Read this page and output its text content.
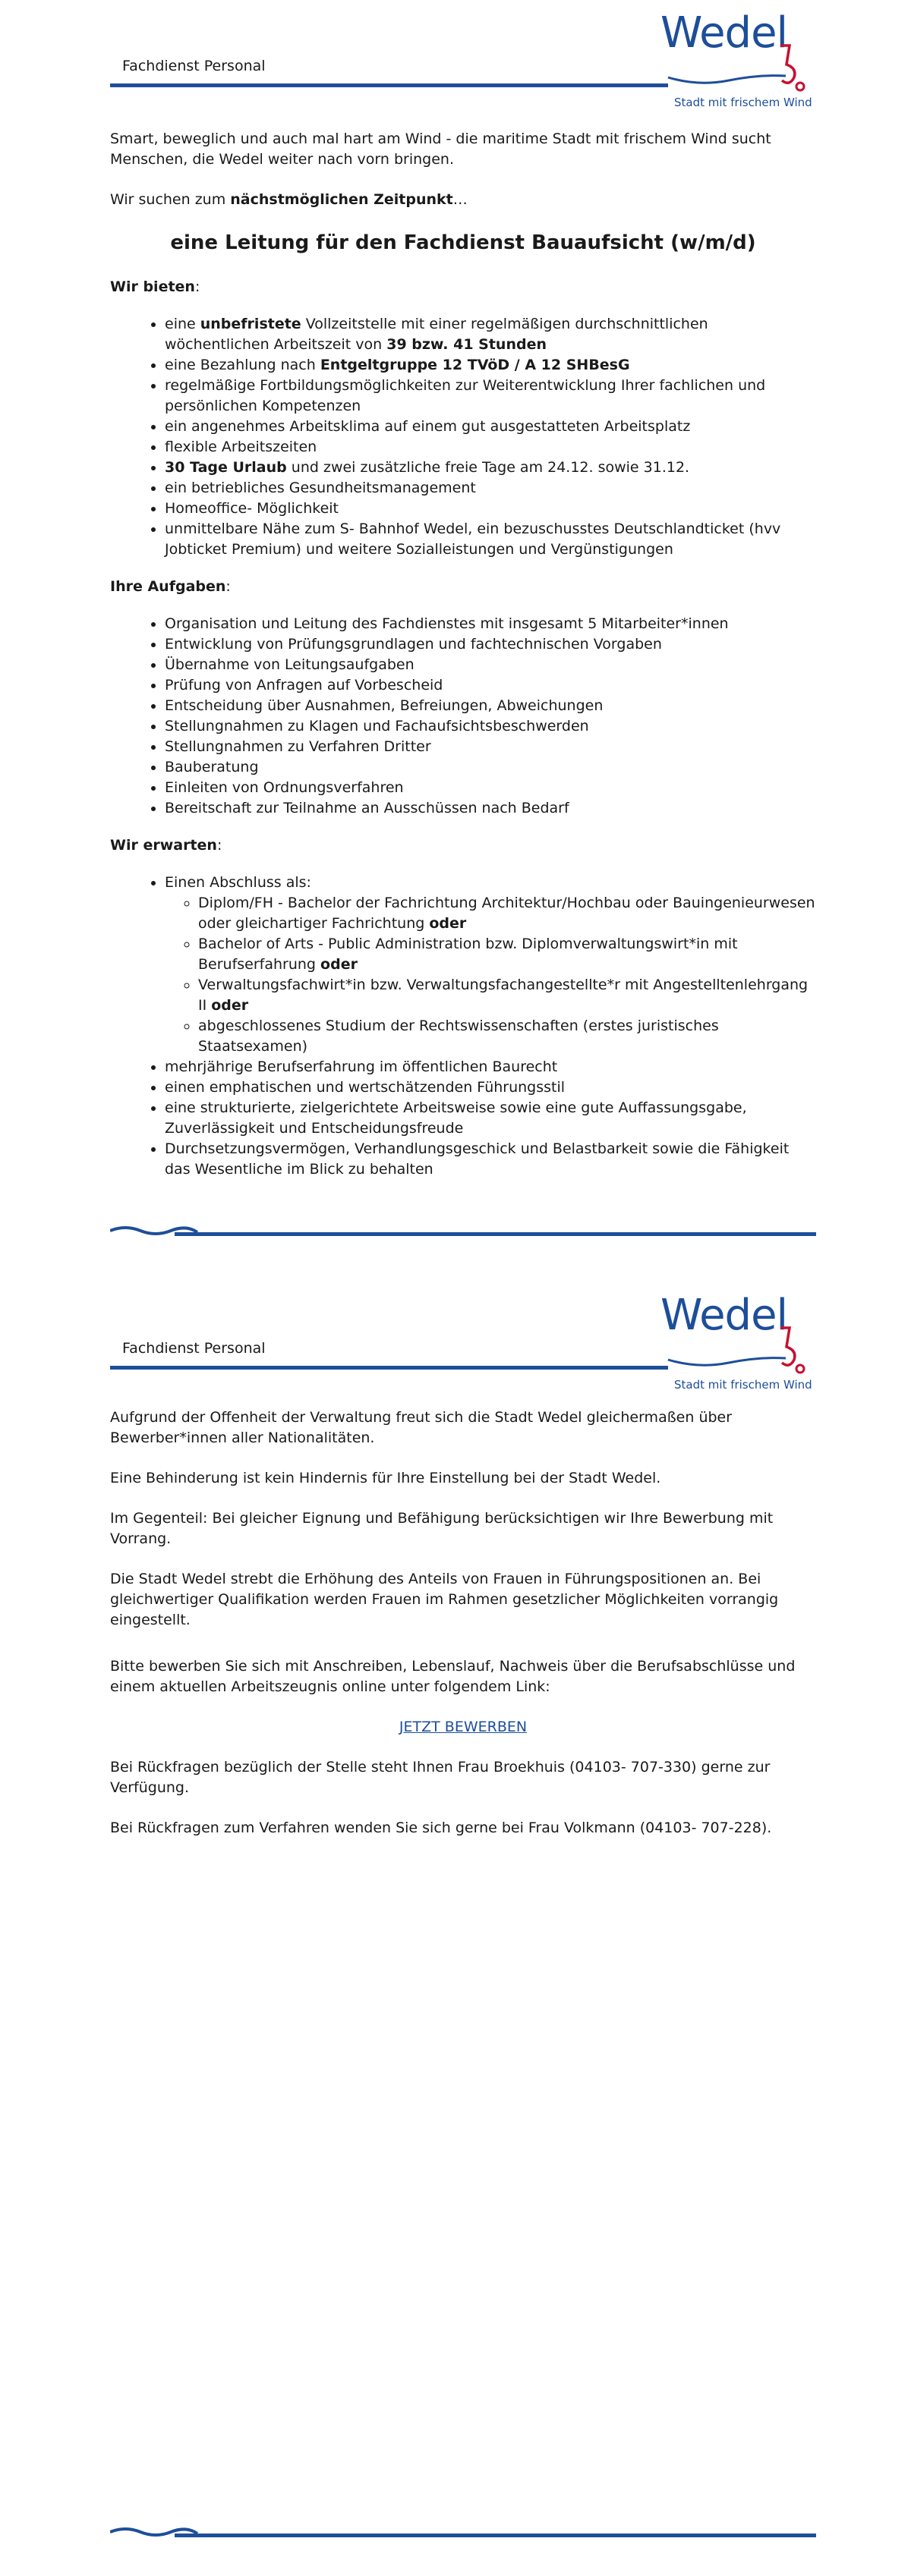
Fachdienst Personal
Wedel
Stadt mit frischem Wind

Smart, beweglich und auch mal hart am Wind - die maritime Stadt mit frischem Wind sucht Menschen, die Wedel weiter nach vorn bringen.

Wir suchen zum nächstmöglichen Zeitpunkt…

eine Leitung für den Fachdienst Bauaufsicht (w/m/d)
Wir bieten:
• eine unbefristete Vollzeitstelle mit einer regelmäßigen durchschnittlichen wöchentlichen Arbeitszeit von 39 bzw. 41 Stunden
• eine Bezahlung nach Entgeltgruppe 12 TVöD / A 12 SHBesG
• regelmäßige Fortbildungsmöglichkeiten zur Weiterentwicklung Ihrer fachlichen und persönlichen Kompetenzen
• ein angenehmes Arbeitsklima auf einem gut ausgestatteten Arbeitsplatz
• flexible Arbeitszeiten
• 30 Tage Urlaub und zwei zusätzliche freie Tage am 24.12. sowie 31.12.
• ein betriebliches Gesundheitsmanagement
• Homeoffice- Möglichkeit
• unmittelbare Nähe zum S- Bahnhof Wedel, ein bezuschusstes Deutschlandticket (hvv Jobticket Premium) und weitere Sozialleistungen und Vergünstigungen
Ihre Aufgaben:
• Organisation und Leitung des Fachdienstes mit insgesamt 5 Mitarbeiter*innen
• Entwicklung von Prüfungsgrundlagen und fachtechnischen Vorgaben
• Übernahme von Leitungsaufgaben
• Prüfung von Anfragen auf Vorbescheid
• Entscheidung über Ausnahmen, Befreiungen, Abweichungen
• Stellungnahmen zu Klagen und Fachaufsichtsbeschwerden
• Stellungnahmen zu Verfahren Dritter
• Bauberatung
• Einleiten von Ordnungsverfahren
• Bereitschaft zur Teilnahme an Ausschüssen nach Bedarf
Wir erwarten:
• Einen Abschluss als:
◦ Diplom/FH - Bachelor der Fachrichtung Architektur/Hochbau oder Bauingenieurwesen oder gleichartiger Fachrichtung oder
◦ Bachelor of Arts - Public Administration bzw. Diplomverwaltungswirt*in mit Berufserfahrung oder
◦ Verwaltungsfachwirt*in bzw. Verwaltungsfachangestellte*r mit Angestelltenlehrgang II oder
◦ abgeschlossenes Studium der Rechtswissenschaften (erstes juristisches Staatsexamen)
• mehrjährige Berufserfahrung im öffentlichen Baurecht
• einen emphatischen und wertschätzenden Führungsstil
• eine strukturierte, zielgerichtete Arbeitsweise sowie eine gute Auffassungsgabe, Zuverlässigkeit und Entscheidungsfreude
• Durchsetzungsvermögen, Verhandlungsgeschick und Belastbarkeit sowie die Fähigkeit das Wesentliche im Blick zu behalten
Fachdienst Personal
Wedel
Stadt mit frischem Wind

Aufgrund der Offenheit der Verwaltung freut sich die Stadt Wedel gleichermaßen über Bewerber*innen aller Nationalitäten.

Eine Behinderung ist kein Hindernis für Ihre Einstellung bei der Stadt Wedel.

Im Gegenteil: Bei gleicher Eignung und Befähigung berücksichtigen wir Ihre Bewerbung mit Vorrang.

Die Stadt Wedel strebt die Erhöhung des Anteils von Frauen in Führungspositionen an. Bei gleichwertiger Qualifikation werden Frauen im Rahmen gesetzlicher Möglichkeiten vorrangig eingestellt.

Bitte bewerben Sie sich mit Anschreiben, Lebenslauf, Nachweis über die Berufsabschlüsse und einem aktuellen Arbeitszeugnis online unter folgendem Link:

JETZT BEWERBEN

Bei Rückfragen bezüglich der Stelle steht Ihnen Frau Broekhuis (04103- 707-330) gerne zur Verfügung.

Bei Rückfragen zum Verfahren wenden Sie sich gerne bei Frau Volkmann (04103- 707-228).
